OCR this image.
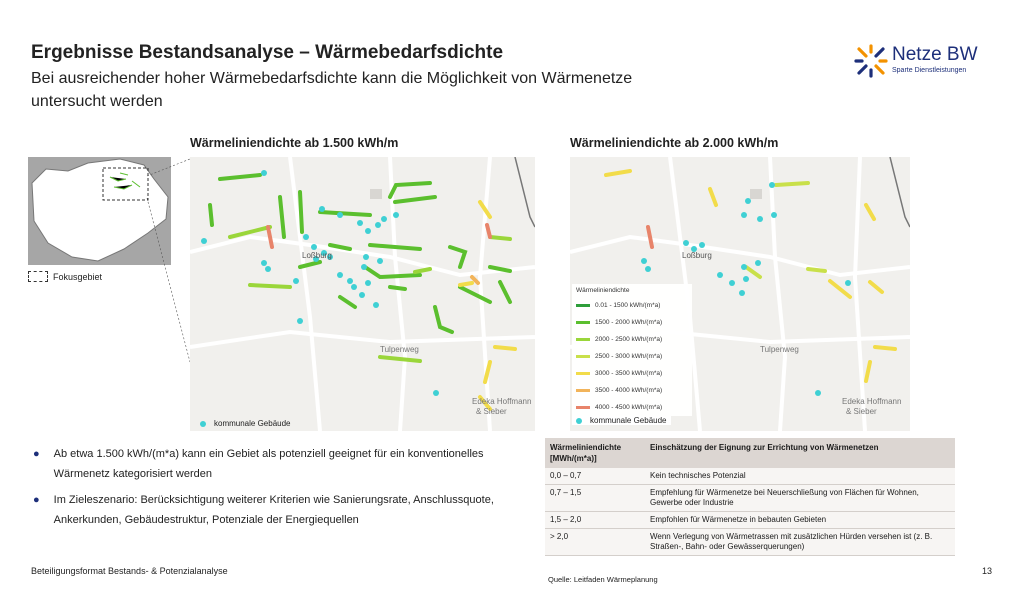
Ergebnisse Bestandsanalyse – Wärmebedarfsdichte
Bei ausreichender hoher Wärmebedarfsdichte kann die Möglichkeit von Wärmenetze untersucht werden
Netze BW
Sparte Dienstleistungen
Fokusgebiet
Wärmeliniendichte ab 1.500 kWh/m
Loßburg
Tulpenweg
Edeka Hoffmann
& Sieber
kommunale Gebäude
Wärmeliniendichte ab 2.000 kWh/m
Loßburg
Tulpenweg
Edeka Hoffmann
& Sieber
Wärmeliniendichte
0.01 - 1500 kWh/(m*a)
1500 - 2000 kWh/(m*a)
2000 - 2500 kWh/(m*a)
2500 - 3000 kWh/(m*a)
3000 - 3500 kWh/(m*a)
3500 - 4000 kWh/(m*a)
4000 - 4500 kWh/(m*a)
kommunale Gebäude
● Ab etwa 1.500 kWh/(m*a) kann ein Gebiet als potenziell geeignet für ein konventionelles Wärmenetz kategorisiert werden
● Im Zieleszenario: Berücksichtigung weiterer Kriterien wie Sanierungsrate, Anschlussquote, Ankerkunden, Gebäudestruktur, Potenziale der Energiequellen
Wärmeliniendichte [MWh/(m*a)]	Einschätzung der Eignung zur Errichtung von Wärmenetzen
0,0 – 0,7	Kein technisches Potenzial
0,7 – 1,5	Empfehlung für Wärmenetze bei Neuerschließung von Flächen für Wohnen, Gewerbe oder Industrie
1,5 – 2,0	Empfohlen für Wärmenetze in bebauten Gebieten
> 2,0	Wenn Verlegung von Wärmetrassen mit zusätzlichen Hürden versehen ist (z. B. Straßen-, Bahn- oder Gewässerquerungen)
Quelle: Leitfaden Wärmeplanung
Beteiligungsformat Bestands- & Potenzialanalyse	13
